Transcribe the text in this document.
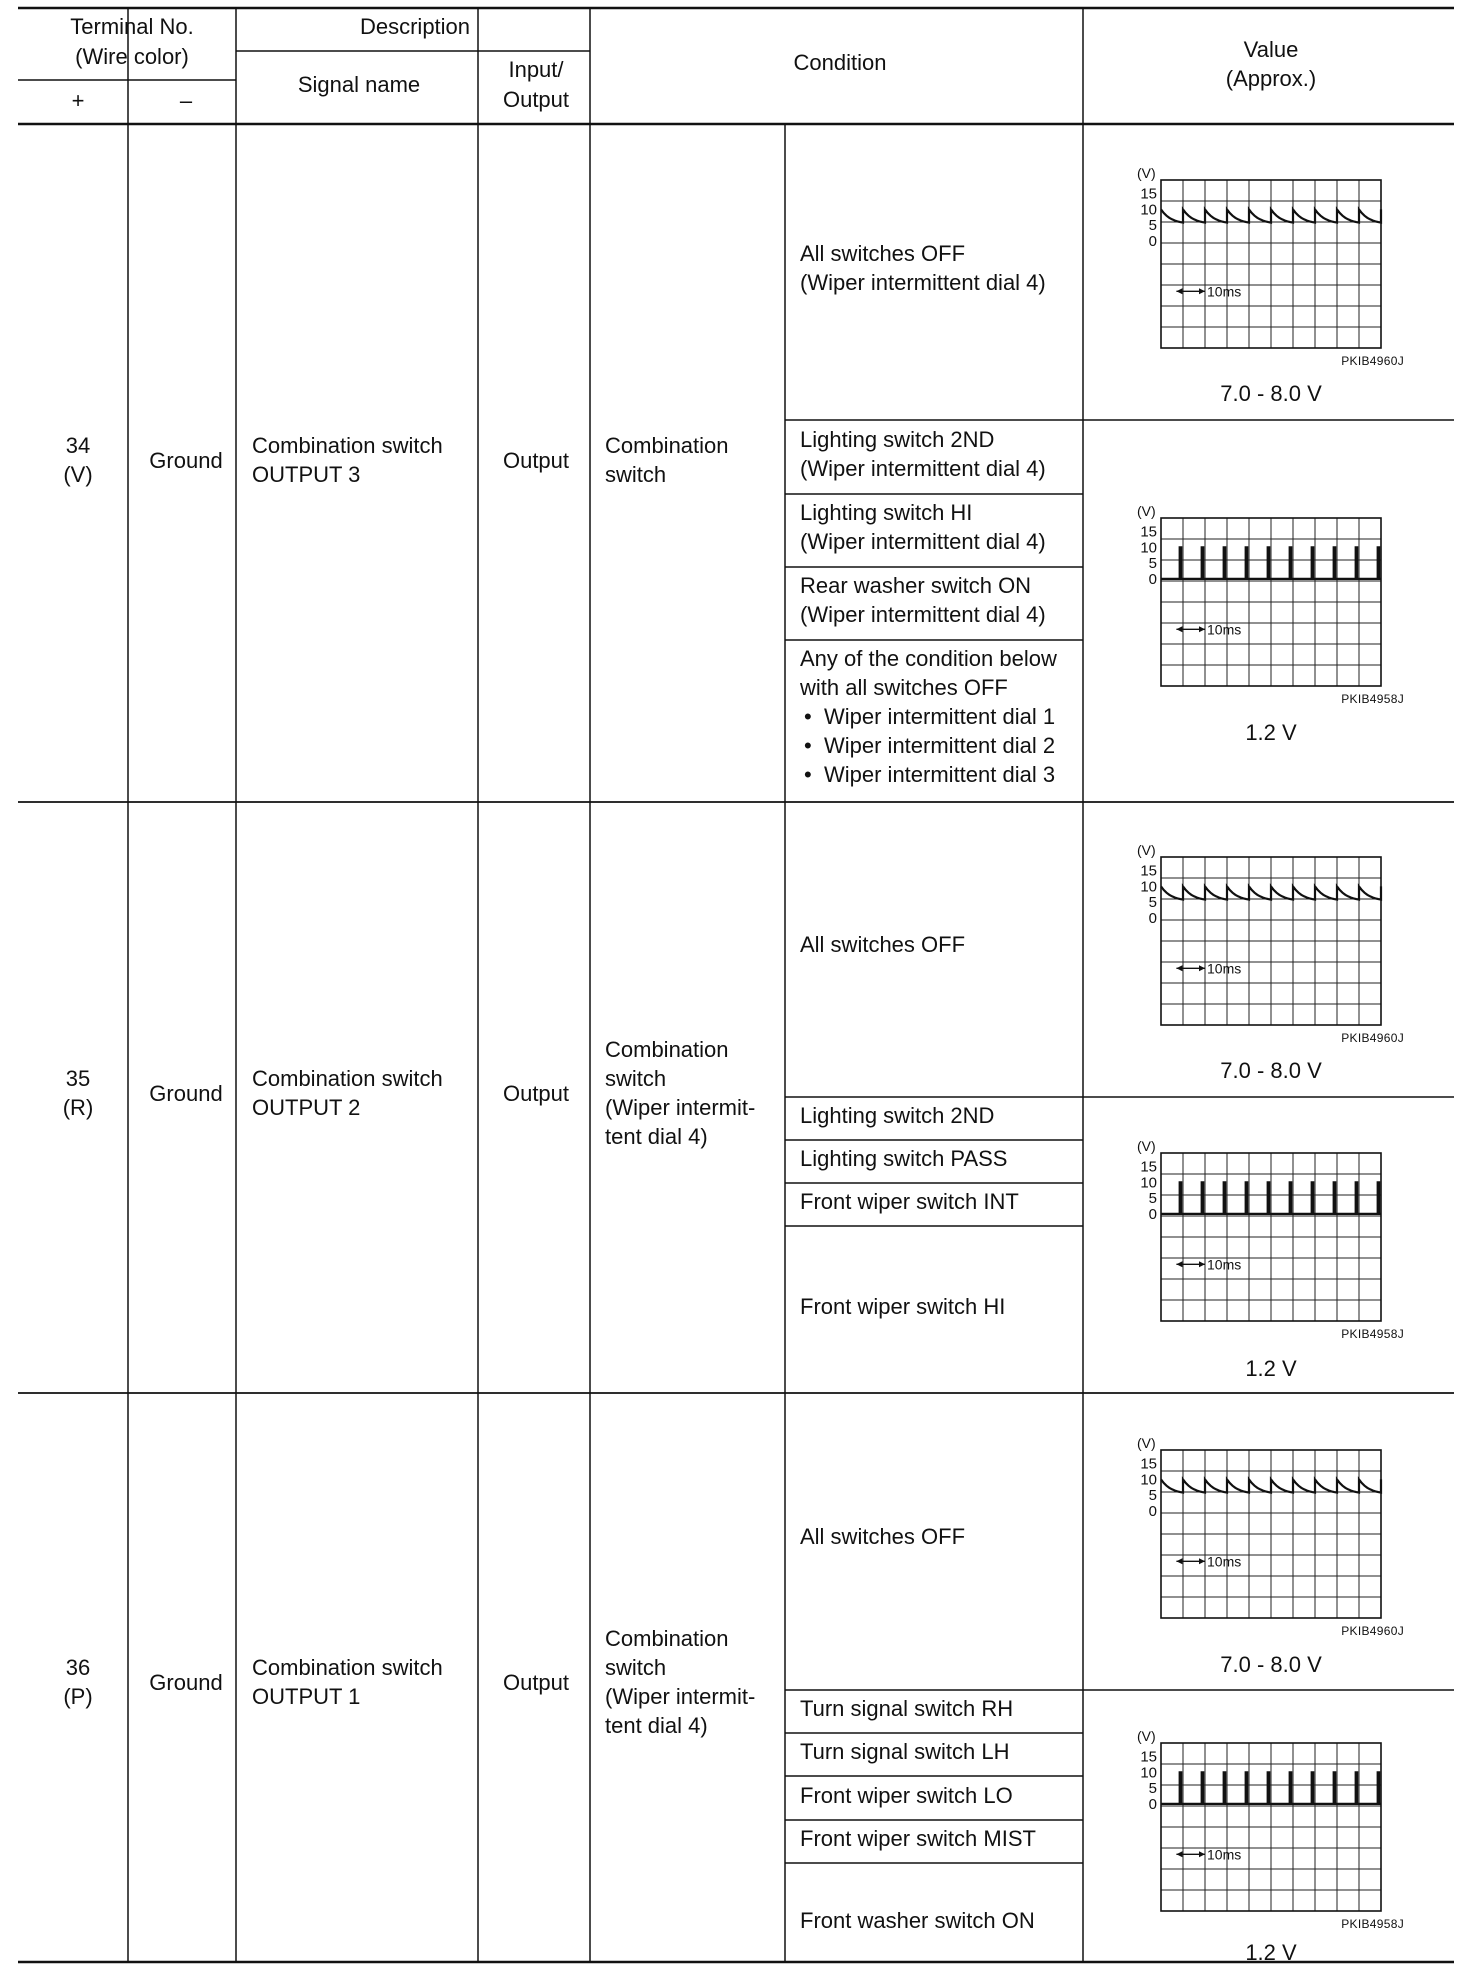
Terminal No.
(Wire color)
+	–
Description
Signal name
Input/
Output
Condition
Value
(Approx.)
34
(V)
Ground
Combination switch
OUTPUT 3
Output
Combination
switch
All switches OFF
(Wiper intermittent dial 4)
Lighting switch 2ND
(Wiper intermittent dial 4)
Lighting switch HI
(Wiper intermittent dial 4)
Rear washer switch ON
(Wiper intermittent dial 4)
Any of the condition below
with all switches OFF
• Wiper intermittent dial 1
• Wiper intermittent dial 2
• Wiper intermittent dial 3
35
(R)
Ground
Combination switch
OUTPUT 2
Output
Combination
switch
(Wiper intermit-
tent dial 4)
All switches OFF
Lighting switch 2ND
Lighting switch PASS
Front wiper switch INT
Front wiper switch HI
36
(P)
Ground
Combination switch
OUTPUT 1
Output
Combination
switch
(Wiper intermit-
tent dial 4)
All switches OFF
Turn signal switch RH
Turn signal switch LH
Front wiper switch LO
Front wiper switch MIST
Front washer switch ON
(V)
15
10
5
0
10ms
PKIB4960J
7.0 - 8.0 V
(V)
15
10
5
0
10ms
PKIB4958J
1.2 V
(V)
15
10
5
0
10ms
PKIB4960J
7.0 - 8.0 V
(V)
15
10
5
0
10ms
PKIB4958J
1.2 V
(V)
15
10
5
0
10ms
PKIB4960J
7.0 - 8.0 V
(V)
15
10
5
0
10ms
PKIB4958J
1.2 V
